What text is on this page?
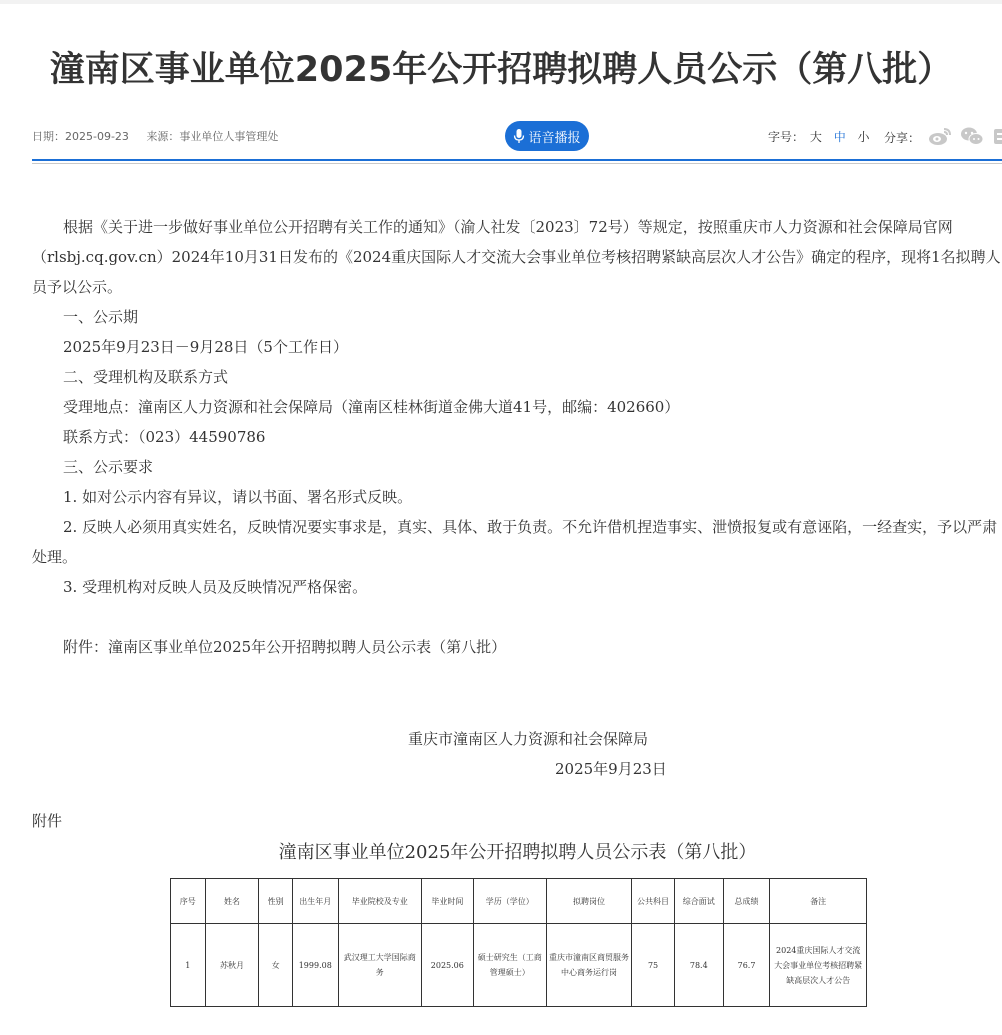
潼南区事业单位2025年公开招聘拟聘人员公示（第八批）
日期：2025-09-23 来源：事业单位人事管理处	语音播报	字号： 大 中 小 分享：

根据《关于进一步做好事业单位公开招聘有关工作的通知》（渝人社发〔2023〕72号）等规定，按照重庆市人力资源和社会保障局官网（rlsbj.cq.gov.cn）2024年10月31日发布的《2024重庆国际人才交流大会事业单位考核招聘紧缺高层次人才公告》确定的程序，现将1名拟聘人员予以公示。

一、公示期

2025年9月23日－9月28日（5个工作日）

二、受理机构及联系方式

受理地点：潼南区人力资源和社会保障局（潼南区桂林街道金佛大道41号，邮编：402660）

联系方式：（023）44590786

三、公示要求

1. 如对公示内容有异议，请以书面、署名形式反映。

2. 反映人必须用真实姓名，反映情况要实事求是，真实、具体、敢于负责。不允许借机捏造事实、泄愤报复或有意诬陷，一经查实，予以严肃处理。

3. 受理机构对反映人员及反映情况严格保密。

附件：潼南区事业单位2025年公开招聘拟聘人员公示表（第八批）

重庆市潼南区人力资源和社会保障局
2025年9月23日
附件
潼南区事业单位2025年公开招聘拟聘人员公示表（第八批）
序号	姓名	性别	出生年月	毕业院校及专业	毕业时间	学历（学位）	拟聘岗位	公共科目	综合面试	总成绩	备注
1	苏秋月	女	1999.08	武汉理工大学国际商务	2025.06	硕士研究生（工商管理硕士）	重庆市潼南区商贸服务中心商务运行岗	75	78.4	76.7	2024重庆国际人才交流大会事业单位考核招聘紧缺高层次人才公告
